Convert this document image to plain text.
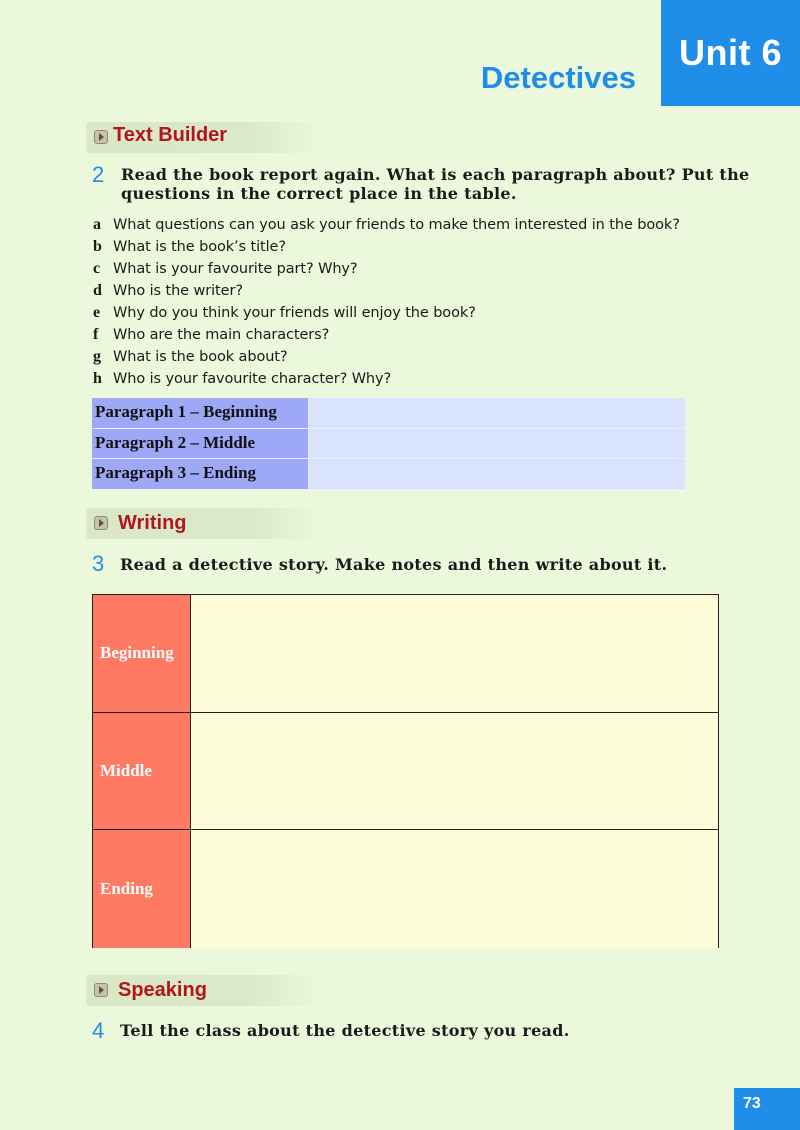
Unit 6
Detectives
Text Builder
2 Read the book report again. What is each paragraph about? Put the
questions in the correct place in the table.
a What questions can you ask your friends to make them interested in the book?
b What is the book’s title?
c What is your favourite part? Why?
d Who is the writer?
e Why do you think your friends will enjoy the book?
f	Who are the main characters?
g What is the book about?
h Who is your favourite character? Why?
Paragraph 1 – Beginning
Paragraph 2 – Middle
Paragraph 3 – Ending
Writing
3 Read a detective story. Make notes and then write about it.
Beginning
Middle
Ending
Speaking
4 Tell the class about the detective story you read.
73
